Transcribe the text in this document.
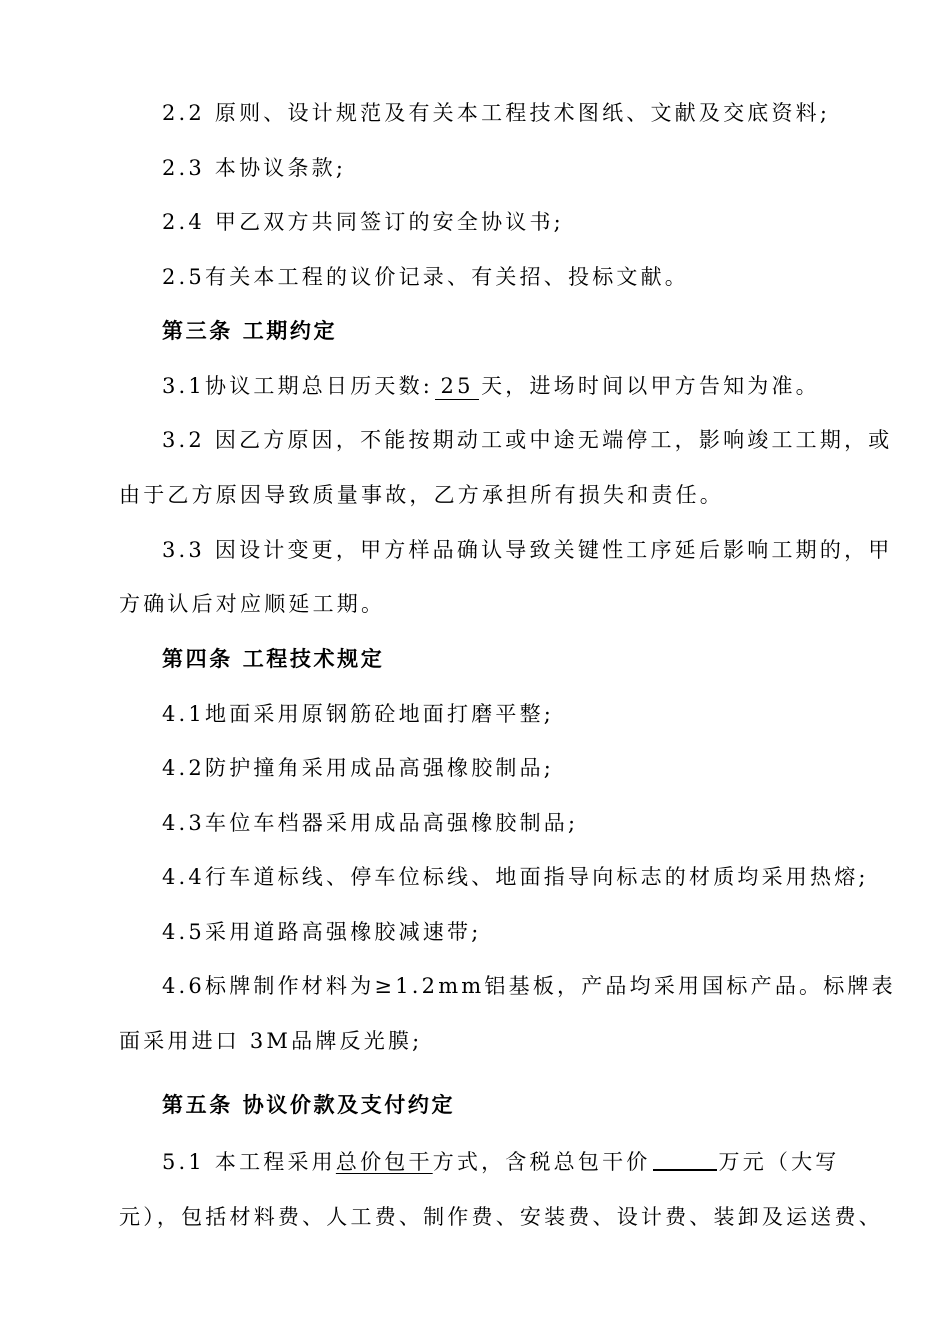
2.2 原则、设计规范及有关本工程技术图纸、文献及交底资料;
2.3 本协议条款;
2.4 甲乙双方共同签订的安全协议书;
2.5有关本工程的议价记录、有关招、投标文献。
第三条 工期约定
3.1协议工期总日历天数: 25 天，进场时间以甲方告知为准。
3.2 因乙方原因，不能按期动工或中途无端停工，影响竣工工期，或
由于乙方原因导致质量事故，乙方承担所有损失和责任。
3.3 因设计变更，甲方样品确认导致关键性工序延后影响工期的，甲
方确认后对应顺延工期。
第四条 工程技术规定
4.1地面采用原钢筋砼地面打磨平整;
4.2防护撞角采用成品高强橡胶制品;
4.3车位车档器采用成品高强橡胶制品;
4.4行车道标线、停车位标线、地面指导向标志的材质均采用热熔;
4.5采用道路高强橡胶减速带;
4.6标牌制作材料为≥1.2mm铝基板，产品均采用国标产品。标牌表
面采用进口 3M品牌反光膜;
第五条 协议价款及支付约定
5.1 本工程采用总价包干方式，含税总包干价	万元（大写
元），包括材料费、人工费、制作费、安装费、设计费、装卸及运送费、
